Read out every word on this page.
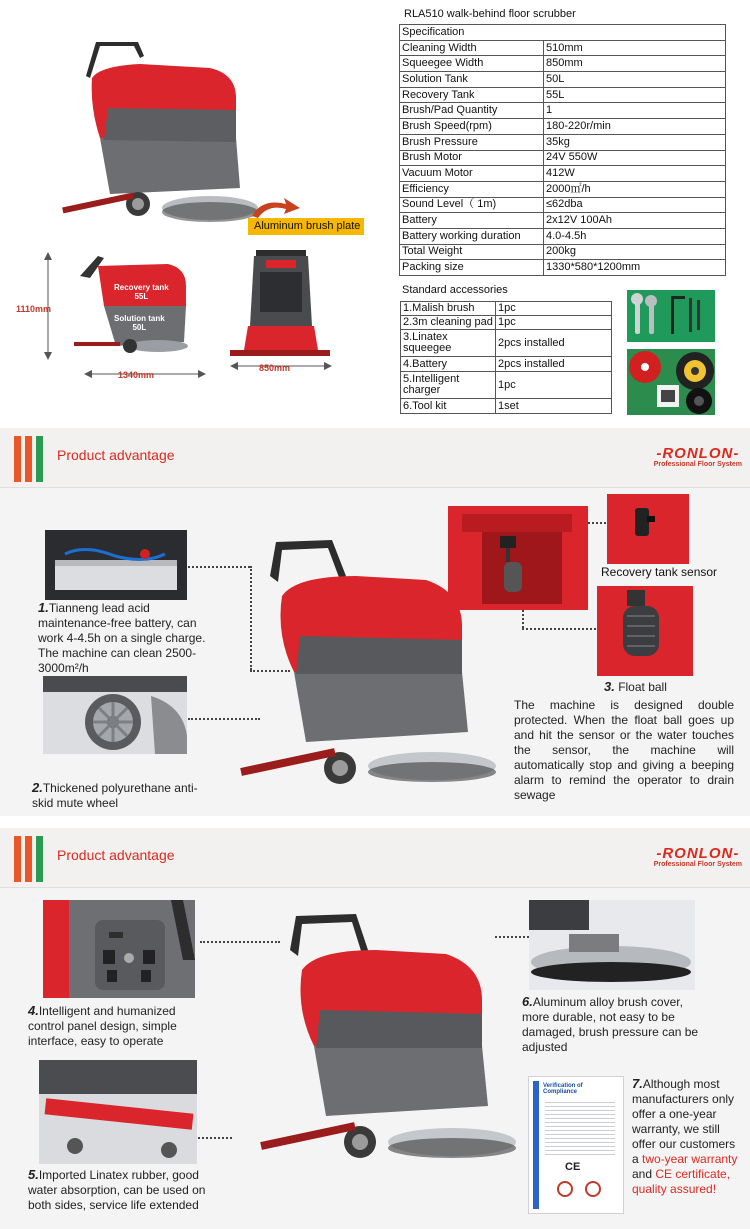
RLA510 walk-behind floor scrubber
Specification	
Cleaning Width	510mm
Squeegee Width	850mm
Solution Tank	50L
Recovery Tank	55L
Brush/Pad Quantity	1
Brush Speed(rpm)	180-220r/min
Brush Pressure	35kg
Brush Motor	24V 550W
Vacuum Motor	412W
Efficiency	2000㎡/h
Sound Level（ 1m)	≤62dba
Battery	2x12V 100Ah
Battery working duration	4.0-4.5h
Total Weight	200kg
Packing size	1330*580*1200mm
Standard accessories
1.Malish brush	1pc
2.3m cleaning pad	1pc
3.Linatex squeegee	2pcs installed
4.Battery	2pcs installed
5.Intelligent charger	1pc
6.Tool kit	1set
Aluminum brush plate
1110mm
1340mm
Recovery tank
55L
Solution tank
50L
850mm
Product advantage	-RONLON-
Professional Floor System
1.Tianneng lead acid maintenance-free battery, can work 4-4.5h on a single charge. The machine can clean 2500-3000m²/h
2.Thickened polyurethane anti-skid mute wheel
Recovery tank sensor
3. Float ball
The machine is designed double protected. When the float ball goes up and hit the sensor or the water touches the sensor, the machine will automatically stop and giving a beeping alarm to remind the operator to drain sewage
Product advantage	-RONLON-
Professional Floor System
4.Intelligent and humanized control panel design, simple interface, easy to operate
5.Imported Linatex rubber, good water absorption, can be used on both sides, service life extended
6.Aluminum alloy brush cover, more durable, not easy to be damaged, brush pressure can be adjusted
Verification of Compliance
CE
7.Although most manufacturers only offer a one-year warranty, we still offer our customers a two-year warranty and CE certificate, quality assured!
